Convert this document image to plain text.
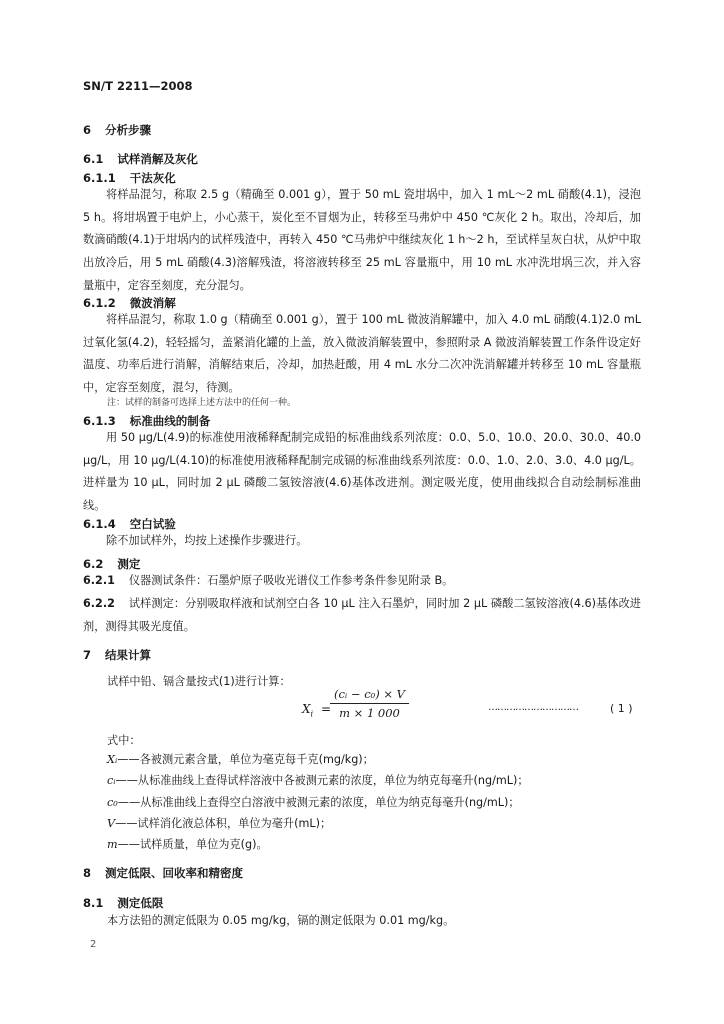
SN/T 2211—2008
6 分析步骤
6.1 试样消解及灰化
6.1.1 干法灰化
将样品混匀，称取 2.5 g（精确至 0.001 g），置于 50 mL 瓷坩埚中，加入 1 mL～2 mL 硝酸(4.1)，浸泡 5 h。将坩埚置于电炉上，小心蒸干，炭化至不冒烟为止，转移至马弗炉中 450 ℃灰化 2 h。取出，冷却后，加数滴硝酸(4.1)于坩埚内的试样残渣中，再转入 450 ℃马弗炉中继续灰化 1 h～2 h，至试样呈灰白状，从炉中取出放冷后，用 5 mL 硝酸(4.3)溶解残渣，将溶液转移至 25 mL 容量瓶中，用 10 mL 水冲洗坩埚三次，并入容量瓶中，定容至刻度，充分混匀。
6.1.2 微波消解
将样品混匀，称取 1.0 g（精确至 0.001 g），置于 100 mL 微波消解罐中，加入 4.0 mL 硝酸(4.1)2.0 mL 过氧化氢(4.2)，轻轻摇匀，盖紧消化罐的上盖，放入微波消解装置中，参照附录 A 微波消解装置工作条件设定好温度、功率后进行消解，消解结束后，冷却，加热赶酸，用 4 mL 水分二次冲洗消解罐并转移至 10 mL 容量瓶中，定容至刻度，混匀，待测。
注：试样的制备可选择上述方法中的任何一种。
6.1.3 标准曲线的制备
用 50 μg/L(4.9)的标准使用液稀释配制完成铅的标准曲线系列浓度：0.0、5.0、10.0、20.0、30.0、40.0 μg/L，用 10 μg/L(4.10)的标准使用液稀释配制完成镉的标准曲线系列浓度：0.0、1.0、2.0、3.0、4.0 μg/L。进样量为 10 μL，同时加 2 μL 磷酸二氢铵溶液(4.6)基体改进剂。测定吸光度，使用曲线拟合自动绘制标准曲线。
6.1.4 空白试验
除不加试样外，均按上述操作步骤进行。
6.2 测定
6.2.1 仪器测试条件：石墨炉原子吸收光谱仪工作参考条件参见附录 B。
6.2.2 试样测定：分别吸取样液和试剂空白各 10 μL 注入石墨炉，同时加 2 μL 磷酸二氢铵溶液(4.6)基体改进剂，测得其吸光度值。
7 结果计算
试样中铅、镉含量按式(1)进行计算：
$X_i = \frac{\text{(cᵢ − c₀) × V}}{m \times 1 000}$	…………………………	( 1 )
式中：
Xᵢ——各被测元素含量，单位为毫克每千克(mg/kg)；
cᵢ——从标准曲线上查得试样溶液中各被测元素的浓度，单位为纳克每毫升(ng/mL)；
c₀——从标准曲线上查得空白溶液中被测元素的浓度，单位为纳克每毫升(ng/mL)；
V——试样消化液总体积，单位为毫升(mL)；
m——试样质量，单位为克(g)。
8 测定低限、回收率和精密度
8.1 测定低限
本方法铅的测定低限为 0.05 mg/kg，镉的测定低限为 0.01 mg/kg。
2
